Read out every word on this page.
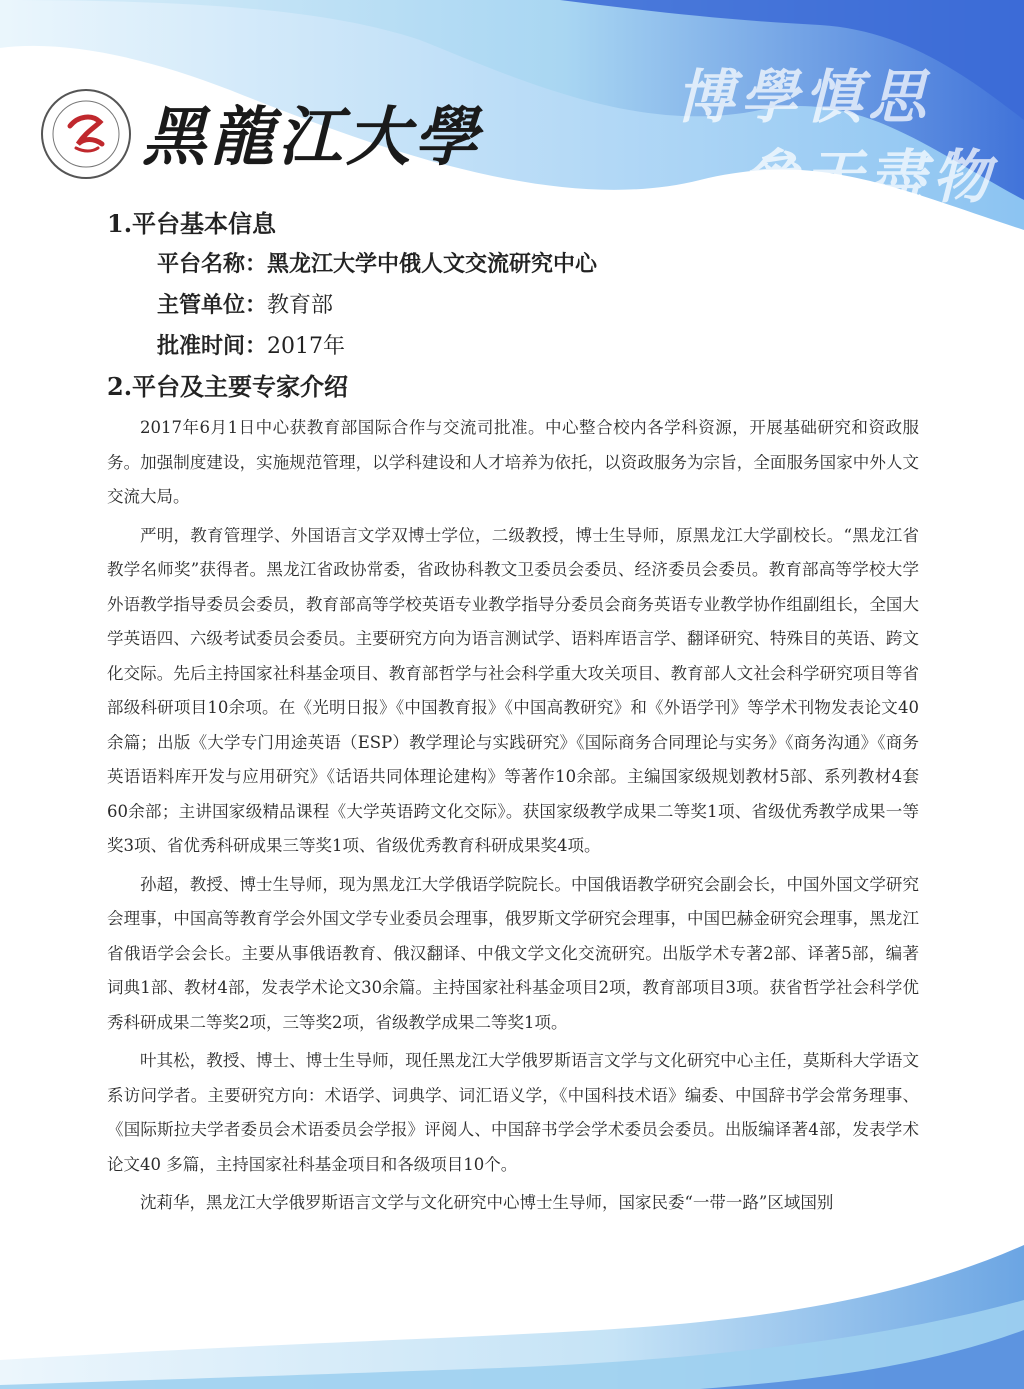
黑龍江大學
博學慎思
參天盡物
1.平台基本信息
平台名称：黑龙江大学中俄人文交流研究中心
主管单位：教育部
批准时间：2017年
2.平台及主要专家介绍

2017年6月1日中心获教育部国际合作与交流司批准。中心整合校内各学科资源，开展基础研究和资政服务。加强制度建设，实施规范管理，以学科建设和人才培养为依托，以资政服务为宗旨，全面服务国家中外人文交流大局。

严明，教育管理学、外国语言文学双博士学位，二级教授，博士生导师，原黑龙江大学副校长。“黑龙江省教学名师奖”获得者。黑龙江省政协常委，省政协科教文卫委员会委员、经济委员会委员。教育部高等学校大学外语教学指导委员会委员，教育部高等学校英语专业教学指导分委员会商务英语专业教学协作组副组长，全国大学英语四、六级考试委员会委员。主要研究方向为语言测试学、语料库语言学、翻译研究、特殊目的英语、跨文化交际。先后主持国家社科基金项目、教育部哲学与社会科学重大攻关项目、教育部人文社会科学研究项目等省部级科研项目10余项。在《光明日报》《中国教育报》《中国高教研究》和《外语学刊》等学术刊物发表论文40余篇；出版《大学专门用途英语（ESP）教学理论与实践研究》《国际商务合同理论与实务》《商务沟通》《商务英语语料库开发与应用研究》《话语共同体理论建构》等著作10余部。主编国家级规划教材5部、系列教材4套60余部；主讲国家级精品课程《大学英语跨文化交际》。获国家级教学成果二等奖1项、省级优秀教学成果一等奖3项、省优秀科研成果三等奖1项、省级优秀教育科研成果奖4项。

孙超，教授、博士生导师，现为黑龙江大学俄语学院院长。中国俄语教学研究会副会长，中国外国文学研究会理事，中国高等教育学会外国文学专业委员会理事，俄罗斯文学研究会理事，中国巴赫金研究会理事，黑龙江省俄语学会会长。主要从事俄语教育、俄汉翻译、中俄文学文化交流研究。出版学术专著2部、译著5部，编著词典1部、教材4部，发表学术论文30余篇。主持国家社科基金项目2项，教育部项目3项。获省哲学社会科学优秀科研成果二等奖2项，三等奖2项，省级教学成果二等奖1项。

叶其松，教授、博士、博士生导师，现任黑龙江大学俄罗斯语言文学与文化研究中心主任，莫斯科大学语文系访问学者。主要研究方向：术语学、词典学、词汇语义学，《中国科技术语》编委、中国辞书学会常务理事、《国际斯拉夫学者委员会术语委员会学报》评阅人、中国辞书学会学术委员会委员。出版编译著4部，发表学术论文40 多篇，主持国家社科基金项目和各级项目10个。

沈莉华，黑龙江大学俄罗斯语言文学与文化研究中心博士生导师，国家民委“一带一路”区域国别
